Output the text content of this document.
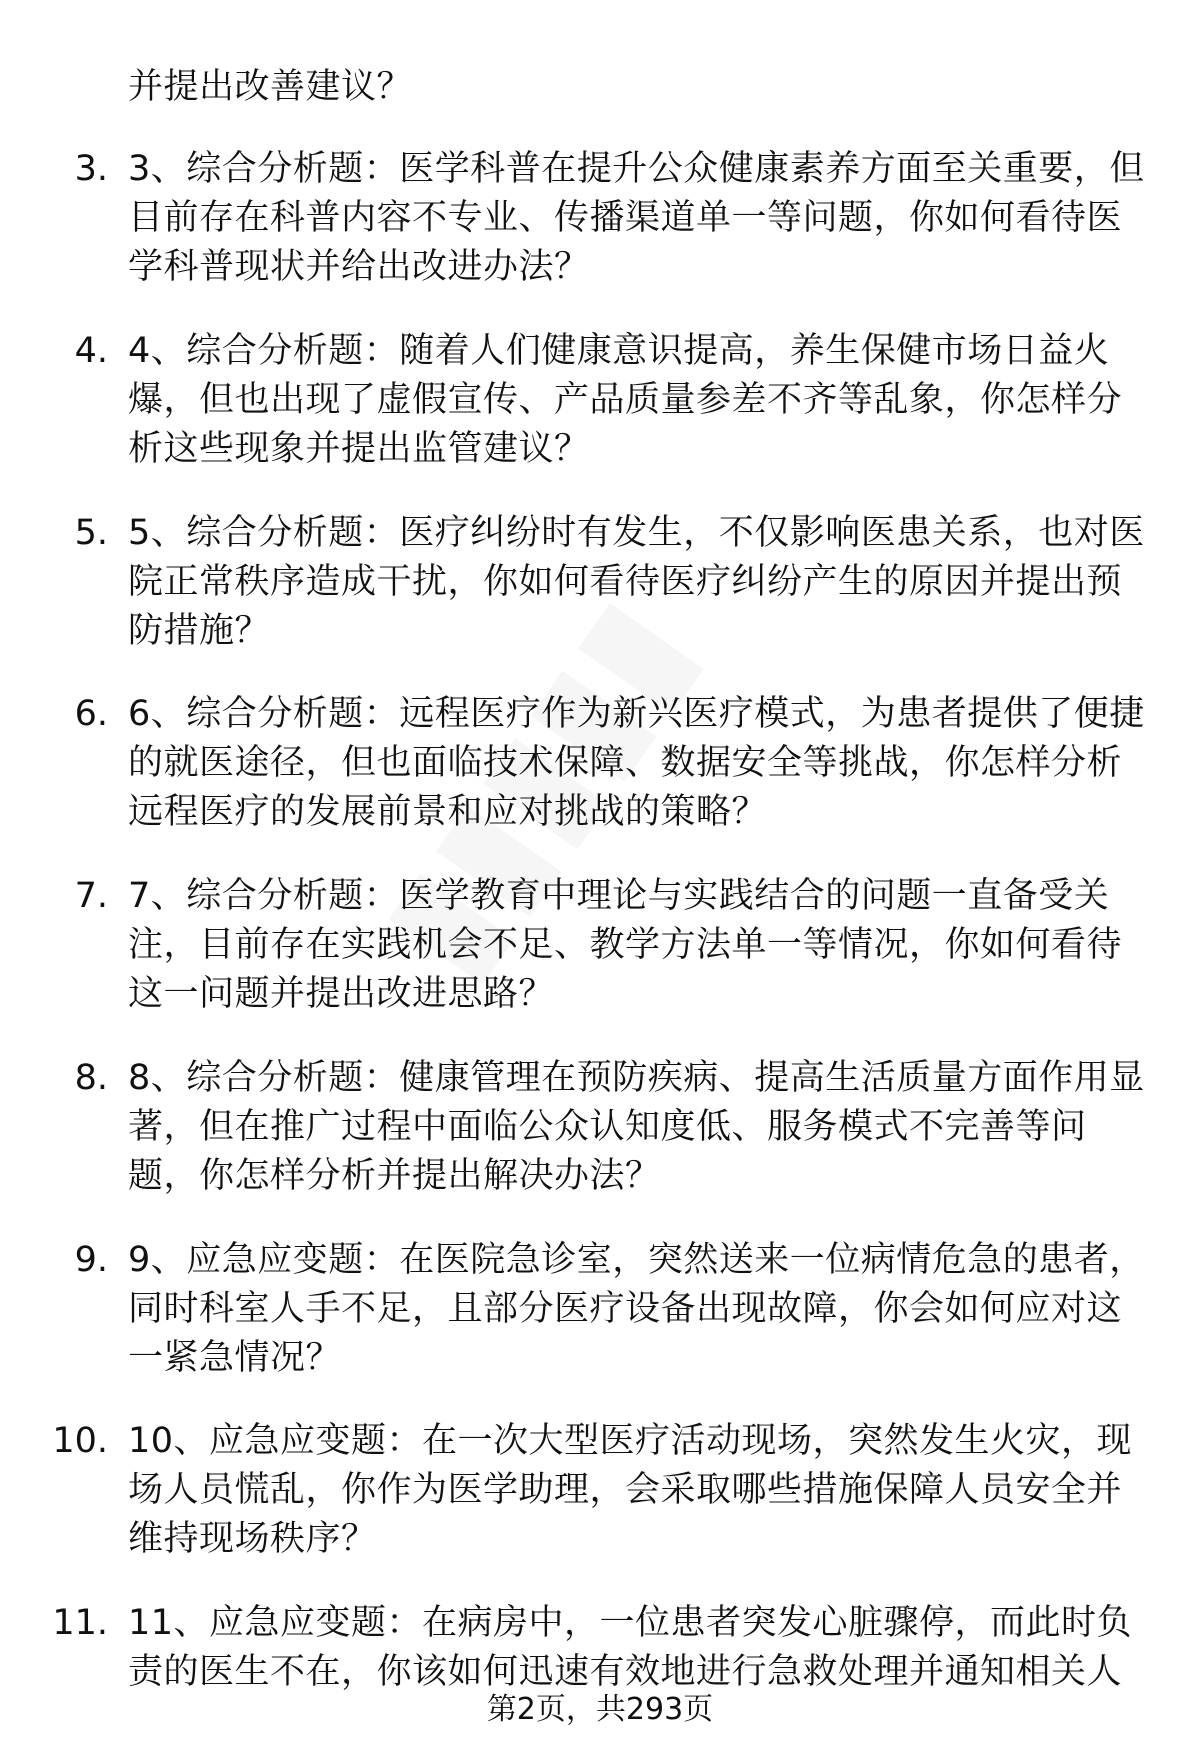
并提出改善建议？
3. 3、综合分析题：医学科普在提升公众健康素养方面至关重要，但
目前存在科普内容不专业、传播渠道单一等问题，你如何看待医
学科普现状并给出改进办法？
4. 4、综合分析题：随着人们健康意识提高，养生保健市场日益火
爆，但也出现了虚假宣传、产品质量参差不齐等乱象，你怎样分
析这些现象并提出监管建议？
5. 5、综合分析题：医疗纠纷时有发生，不仅影响医患关系，也对医
院正常秩序造成干扰，你如何看待医疗纠纷产生的原因并提出预
防措施？
6. 6、综合分析题：远程医疗作为新兴医疗模式，为患者提供了便捷
的就医途径，但也面临技术保障、数据安全等挑战，你怎样分析
远程医疗的发展前景和应对挑战的策略？
7. 7、综合分析题：医学教育中理论与实践结合的问题一直备受关
注，目前存在实践机会不足、教学方法单一等情况，你如何看待
这一问题并提出改进思路？
8. 8、综合分析题：健康管理在预防疾病、提高生活质量方面作用显
著，但在推广过程中面临公众认知度低、服务模式不完善等问
题，你怎样分析并提出解决办法？
9. 9、应急应变题：在医院急诊室，突然送来一位病情危急的患者，
同时科室人手不足，且部分医疗设备出现故障，你会如何应对这
一紧急情况？
10. 10、应急应变题：在一次大型医疗活动现场，突然发生火灾，现
场人员慌乱，你作为医学助理，会采取哪些措施保障人员安全并
维持现场秩序？
11. 11、应急应变题：在病房中，一位患者突发心脏骤停，而此时负
责的医生不在，你该如何迅速有效地进行急救处理并通知相关人
第2页，共293页
